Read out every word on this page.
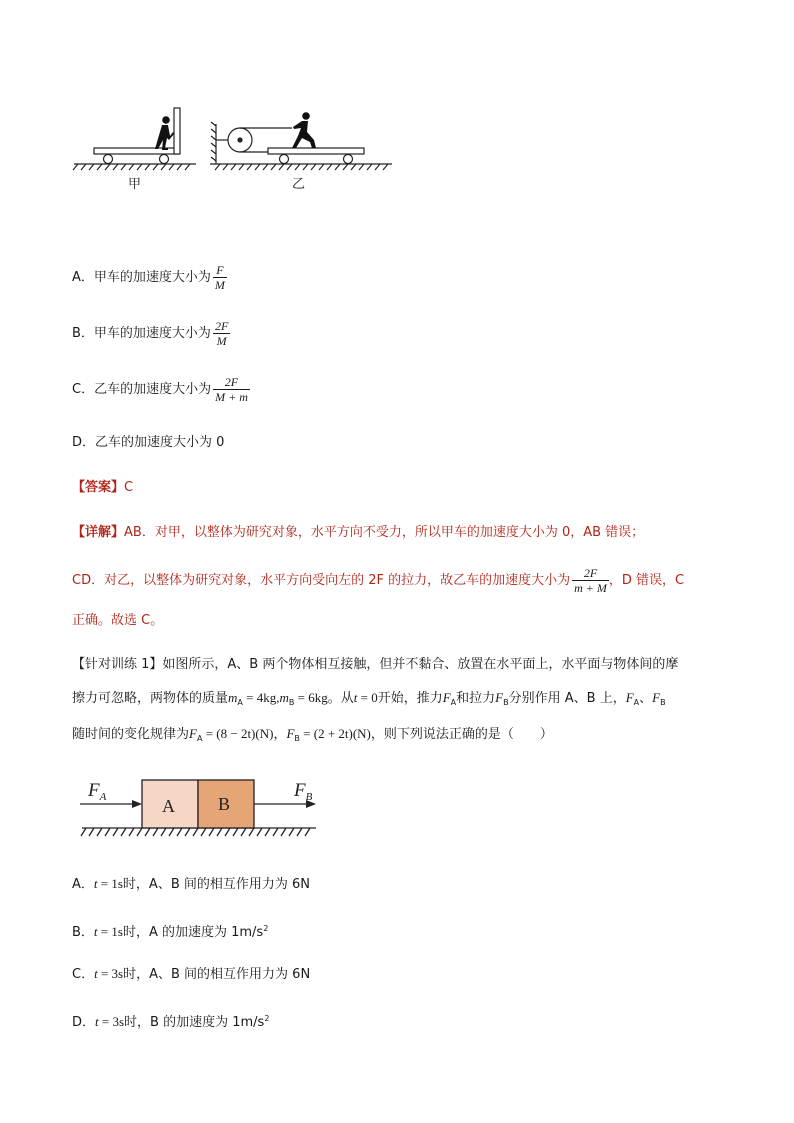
甲	乙
A．甲车的加速度大小为 $\frac{F}{M}$
B．甲车的加速度大小为 $\frac{2F}{M}$
C．乙车的加速度大小为 $\frac{2F}{M + m}$
D．乙车的加速度大小为 0
【答案】C
【详解】AB．对甲，以整体为研究对象，水平方向不受力，所以甲车的加速度大小为 0，AB 错误；
CD．对乙，以整体为研究对象，水平方向受向左的 2F 的拉力，故乙车的加速度大小为 $\frac{2F}{m + M}$ ，D 错误，C
正确。故选 C。
【针对训练 1】如图所示，A、B 两个物体相互接触，但并不黏合、放置在水平面上，水平面与物体间的摩
擦力可忽略，两物体的质量$m_A = 4kg,m_B = 6kg$。从t = 0开始，推力$F_A$和拉力$F_B$分别作用 A、B 上，$F_A$、$F_B$
随时间的变化规律为$F_A = (8 - 2t)(N)$，$F_B = (2 + 2t)(N)$，则下列说法正确的是（　　）
A B
$F_A$	$F_B$
A．t = 1s时，A、B 间的相互作用力为 6N
B．t = 1s时，A 的加速度为 $1m/s^2$
C．t = 3s时，A、B 间的相互作用力为 6N
D．t = 3s时，B 的加速度为 $1m/s^2$
